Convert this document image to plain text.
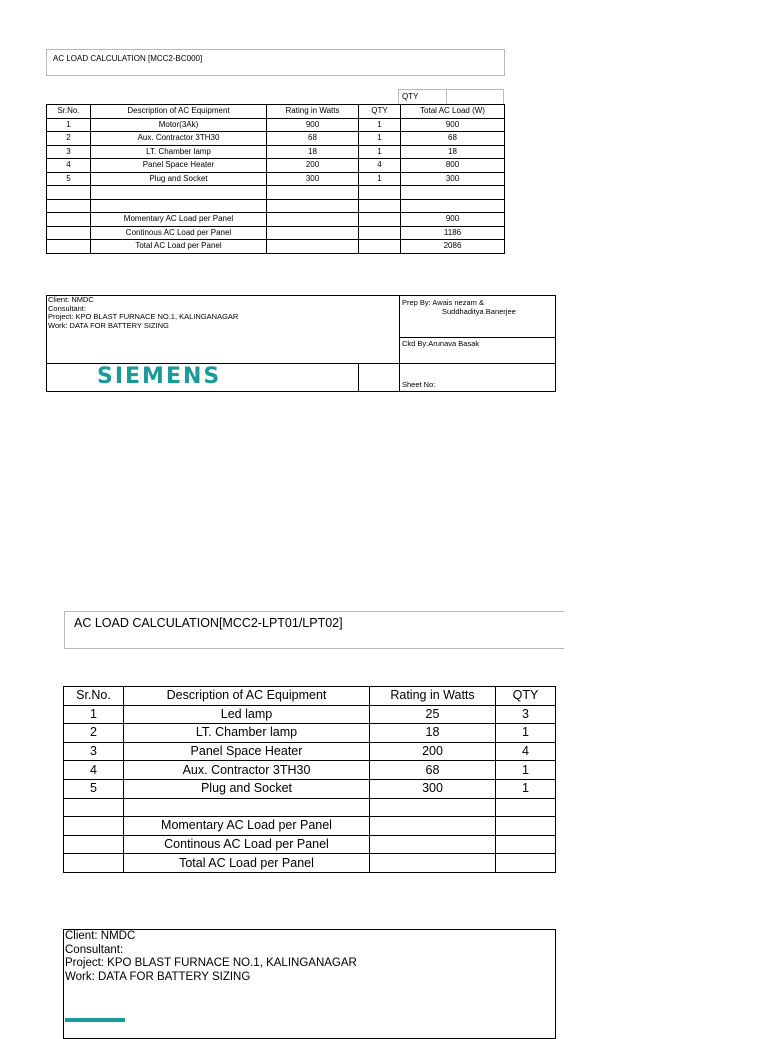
AC LOAD CALCULATION [MCC2-BC000]
QTY
Sr.No.	Description of AC Equipment	Rating in Watts	QTY	Total AC Load (W)
1	Motor(3Ak)	900	1	900
2	Aux. Contractor 3TH30	68	1	68
3	LT. Chamber lamp	18	1	18
4	Panel Space Heater	200	4	800
5	Plug and Socket	300	1	300

	Momentary AC Load per Panel			900
	Continous AC Load per Panel			1186
	Total AC Load per Panel			2086
Client: NMDC
Consultant:
Project: KPO BLAST FURNACE NO.1, KALINGANAGAR
Work: DATA FOR BATTERY SIZING
Prep By: Awais nezam &
Suddhaditya Banerjee
Ckd By:Arunava Basak
Sheet No:
SIEMENS
AC LOAD CALCULATION[MCC2-LPT01/LPT02]
Sr.No.	Description of AC Equipment	Rating in Watts	QTY
1	Led lamp	25	3
2	LT. Chamber lamp	18	1
3	Panel Space Heater	200	4
4	Aux. Contractor 3TH30	68	1
5	Plug and Socket	300	1

	Momentary AC Load per Panel		
	Continous AC Load per Panel		
	Total AC Load per Panel		
Client: NMDC
Consultant:
Project: KPO BLAST FURNACE NO.1, KALINGANAGAR
Work: DATA FOR BATTERY SIZING
